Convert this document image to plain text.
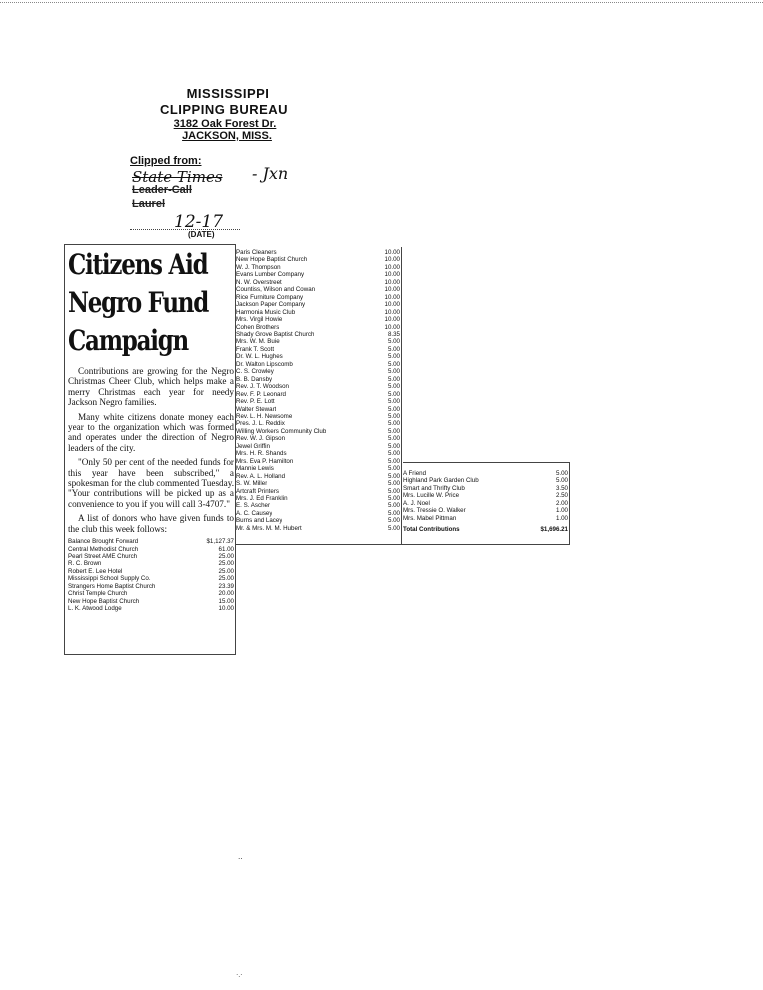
MISSISSIPPI
CLIPPING BUREAU
3182 Oak Forest Dr.
JACKSON, MISS.
Clipped from:
State Times - Jxn
Leader-Call
Laurel
12-17
(DATE)
Citizens Aid
Negro Fund
Campaign

Contributions are growing for the Negro Christmas Cheer Club, which helps make a merry Christmas each year for needy Jackson Negro families.

Many white citizens donate money each year to the organization which was formed and operates under the direction of Negro leaders of the city.

"Only 50 per cent of the needed funds for this year have been subscribed," a spokesman for the club commented Tuesday. "Your contributions will be picked up as a convenience to you if you will call 3-4707."

A list of donors who have given funds to the club this week follows:

Balance Brought Forward	$1,127.37
Central Methodist Church	61.00
Pearl Street AME Church	25.00
R. C. Brown	25.00
Robert E. Lee Hotel	25.00
Mississippi School Supply Co.	25.00
Strangers Home Baptist Church	23.39
Christ Temple Church	20.00
New Hope Baptist Church	15.00
L. K. Atwood Lodge	10.00
Paris Cleaners	10.00
New Hope Baptist Church	10.00
W. J. Thompson	10.00
Evans Lumber Company	10.00
N. W. Overstreet	10.00
Countiss, Wilson and Cowan	10.00
Rice Furniture Company	10.00
Jackson Paper Company	10.00
Harmonia Music Club	10.00
Mrs. Virgil Howie	10.00
Cohen Brothers	10.00
Shady Grove Baptist Church	8.35
Mrs. W. M. Buie	5.00
Frank T. Scott	5.00
Dr. W. L. Hughes	5.00
Dr. Walton Lipscomb	5.00
C. S. Crowley	5.00
B. B. Dansby	5.00
Rev. J. T. Woodson	5.00
Rev. F. P. Leonard	5.00
Rev. P. E. Lott	5.00
Walter Stewart	5.00
Rev. L. H. Newsome	5.00
Pres. J. L. Reddix	5.00
Willing Workers Community Club	5.00
Rev. W. J. Gipson	5.00
Jewel Griffin	5.00
Mrs. H. R. Shands	5.00
Mrs. Eva P. Hamilton	5.00
Mannie Lewis	5.00
Rev. A. L. Holland	5.00
S. W. Miller	5.00
Artcraft Printers	5.00
Mrs. J. Ed Franklin	5.00
E. S. Ascher	5.00
A. C. Causey	5.00
Burns and Lacey	5.00
Mr. & Mrs. M. M. Hubert	5.00
A Friend	5.00
Highland Park Garden Club	5.00
Smart and Thrifty Club	3.50
Mrs. Lucille W. Price	2.50
A. J. Noel	2.00
Mrs. Tressie O. Walker	1.00
Mrs. Mabel Pittman	1.00
Total Contributions	$1,696.21
‥
·.·
